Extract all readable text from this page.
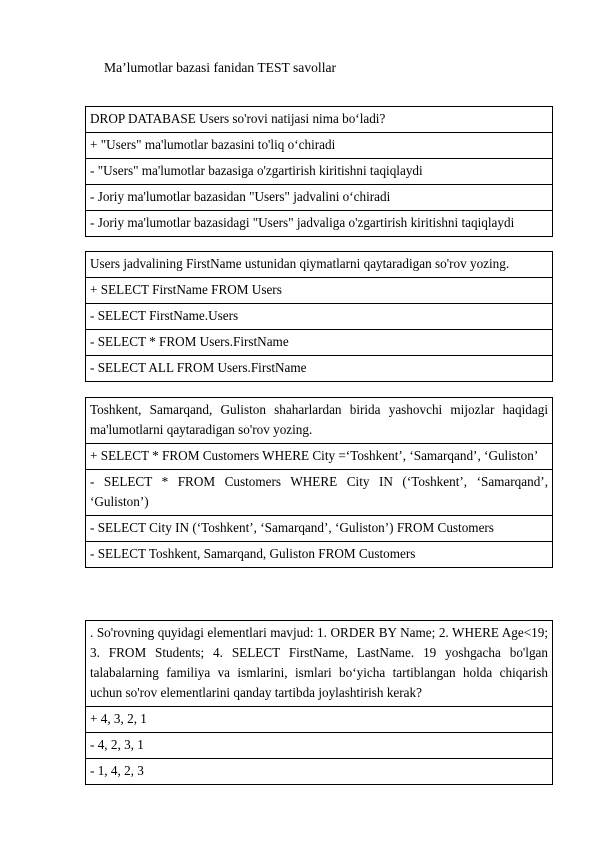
Ma’lumotlar bazasi fanidan TEST savollar
DROP DATABASE Users so'rovi natijasi nima bo‘ladi?
+ "Users" ma'lumotlar bazasini to'liq o‘chiradi
- "Users" ma'lumotlar bazasiga o'zgartirish kiritishni taqiqlaydi
- Joriy ma'lumotlar bazasidan "Users" jadvalini o‘chiradi
- Joriy ma'lumotlar bazasidagi "Users" jadvaliga o'zgartirish kiritishni taqiqlaydi
Users jadvalining FirstName ustunidan qiymatlarni qaytaradigan so'rov yozing.
+ SELECT FirstName FROM Users
- SELECT FirstName.Users
- SELECT * FROM Users.FirstName
- SELECT ALL FROM Users.FirstName
Toshkent, Samarqand, Guliston shaharlardan birida yashovchi mijozlar haqidagi ma'lumotlarni qaytaradigan so'rov yozing.
+ SELECT * FROM Customers WHERE City =‘Toshkent’, ‘Samarqand’, ‘Guliston’
- SELECT * FROM Customers WHERE City IN (‘Toshkent’, ‘Samarqand’, ‘Guliston’)
- SELECT City IN (‘Toshkent’, ‘Samarqand’, ‘Guliston’) FROM Customers
- SELECT Toshkent, Samarqand, Guliston FROM Customers
. So'rovning quyidagi elementlari mavjud: 1. ORDER BY Name; 2. WHERE Age<19; 3. FROM Students; 4. SELECT FirstName, LastName. 19 yoshgacha bo'lgan talabalarning familiya va ismlarini, ismlari bo‘yicha tartiblangan holda chiqarish uchun so'rov elementlarini qanday tartibda joylashtirish kerak?
+ 4, 3, 2, 1
- 4, 2, 3, 1
- 1, 4, 2, 3
